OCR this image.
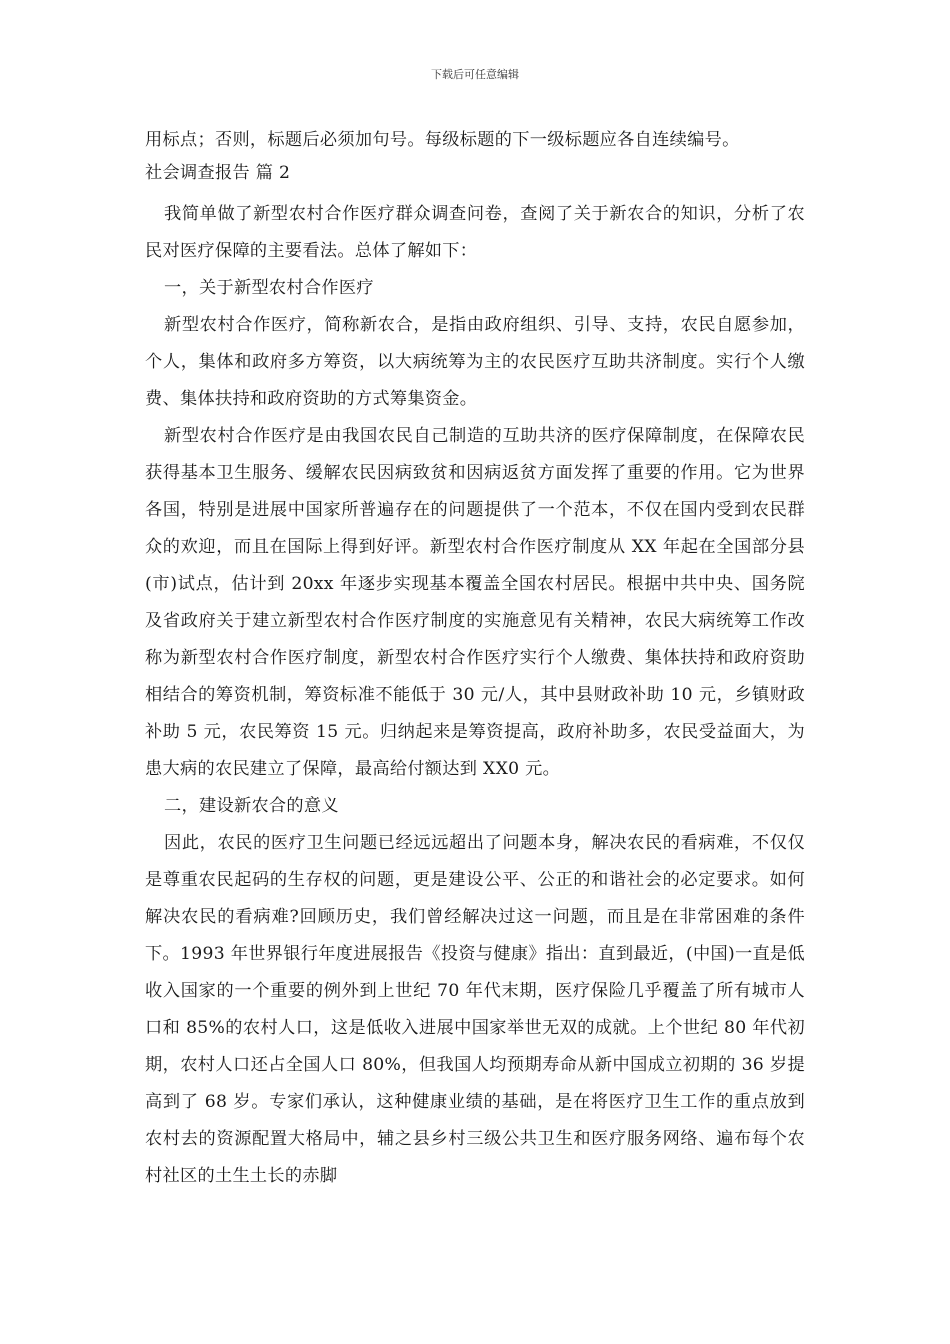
下载后可任意编辑

用标点；否则，标题后必须加句号。每级标题的下一级标题应各自连续编号。

社会调查报告 篇 2

我简单做了新型农村合作医疗群众调查问卷，查阅了关于新农合的知识，分析了农民对医疗保障的主要看法。总体了解如下：

一，关于新型农村合作医疗

新型农村合作医疗，简称新农合，是指由政府组织、引导、支持，农民自愿参加， 个人，集体和政府多方筹资，以大病统筹为主的农民医疗互助共济制度。实行个人缴费、集体扶持和政府资助的方式筹集资金。

新型农村合作医疗是由我国农民自己制造的互助共济的医疗保障制度，在保障农民获得基本卫生服务、缓解农民因病致贫和因病返贫方面发挥了重要的作用。它为世界各国，特别是进展中国家所普遍存在的问题提供了一个范本，不仅在国内受到农民群众的欢迎，而且在国际上得到好评。新型农村合作医疗制度从 XX 年起在全国部分县(市)试点，估计到 20xx 年逐步实现基本覆盖全国农村居民。根据中共中央、国务院及省政府关于建立新型农村合作医疗制度的实施意见有关精神，农民大病统筹工作改称为新型农村合作医疗制度，新型农村合作医疗实行个人缴费、集体扶持和政府资助相结合的筹资机制，筹资标准不能低于 30 元/人，其中县财政补助 10 元，乡镇财政补助 5 元，农民筹资 15 元。归纳起来是筹资提高，政府补助多，农民受益面大，为患大病的农民建立了保障，最高给付额达到 XX0 元。

二，建设新农合的意义

因此，农民的医疗卫生问题已经远远超出了问题本身，解决农民的看病难，不仅仅是尊重农民起码的生存权的问题，更是建设公平、公正的和谐社会的必定要求。如何解决农民的看病难?回顾历史，我们曾经解决过这一问题，而且是在非常困难的条件下。1993 年世界银行年度进展报告《投资与健康》指出：直到最近，(中国)一直是低收入国家的一个重要的例外到上世纪 70 年代末期，医疗保险几乎覆盖了所有城市人口和 85%的农村人口，这是低收入进展中国家举世无双的成就。上个世纪 80 年代初期，农村人口还占全国人口 80%，但我国人均预期寿命从新中国成立初期的 36 岁提高到了 68 岁。专家们承认，这种健康业绩的基础，是在将医疗卫生工作的重点放到农村去的资源配置大格局中，辅之县乡村三级公共卫生和医疗服务网络、遍布每个农村社区的土生土长的赤脚
